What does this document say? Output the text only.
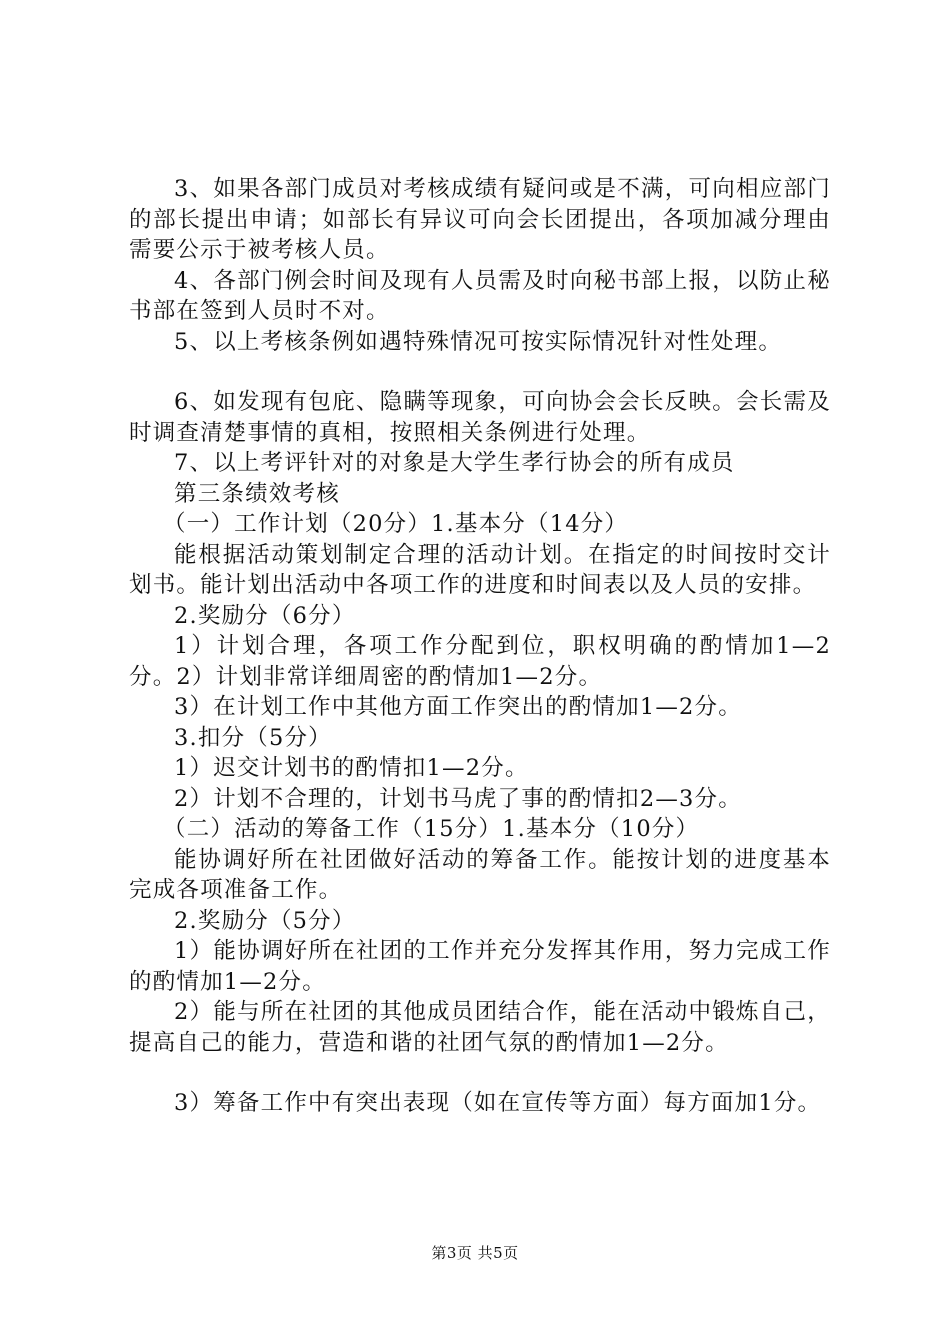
3、如果各部门成员对考核成绩有疑问或是不满，可向相应部门的部长提出申请；如部长有异议可向会长团提出，各项加减分理由需要公示于被考核人员。

4、各部门例会时间及现有人员需及时向秘书部上报，以防止秘书部在签到人员时不对。

5、以上考核条例如遇特殊情况可按实际情况针对性处理。

6、如发现有包庇、隐瞒等现象，可向协会会长反映。会长需及时调查清楚事情的真相，按照相关条例进行处理。

7、以上考评针对的对象是大学生孝行协会的所有成员

第三条绩效考核

（一）工作计划（20分）1.基本分（14分）

能根据活动策划制定合理的活动计划。在指定的时间按时交计划书。能计划出活动中各项工作的进度和时间表以及人员的安排。

2.奖励分（6分）

1）计划合理，各项工作分配到位，职权明确的酌情加1—2分。2）计划非常详细周密的酌情加1—2分。

3）在计划工作中其他方面工作突出的酌情加1—2分。

3.扣分（5分）

1）迟交计划书的酌情扣1—2分。

2）计划不合理的，计划书马虎了事的酌情扣2—3分。

（二）活动的筹备工作（15分）1.基本分（10分）

能协调好所在社团做好活动的筹备工作。能按计划的进度基本完成各项准备工作。

2.奖励分（5分）

1）能协调好所在社团的工作并充分发挥其作用，努力完成工作的酌情加1—2分。

2）能与所在社团的其他成员团结合作，能在活动中锻炼自己，提高自己的能力，营造和谐的社团气氛的酌情加1—2分。

3）筹备工作中有突出表现（如在宣传等方面）每方面加1分。

第3页 共5页
